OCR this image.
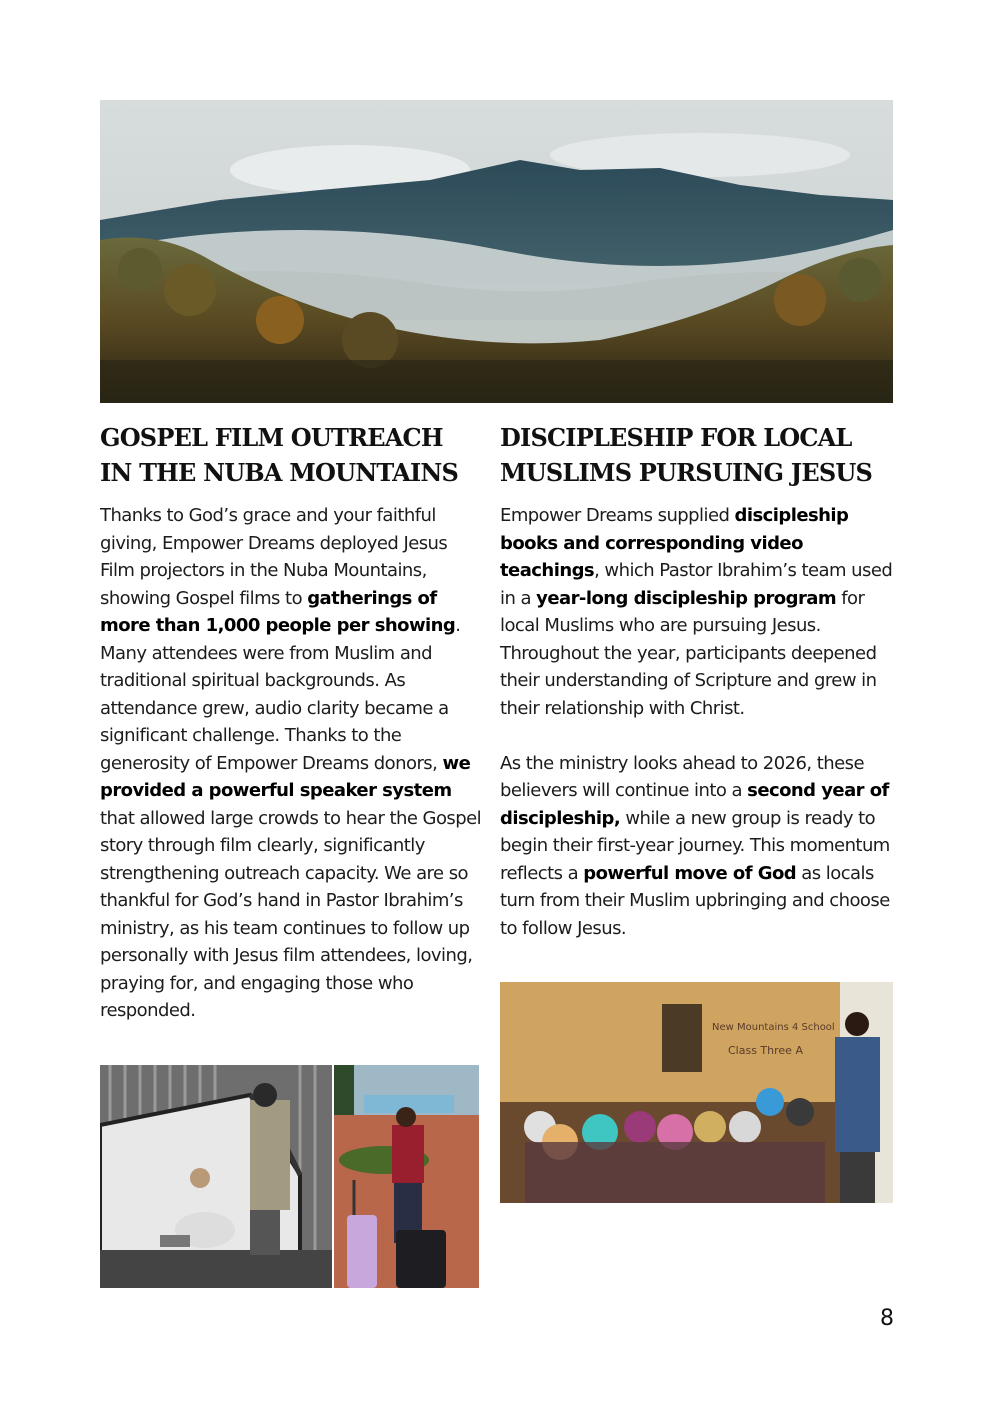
GOSPEL FILM OUTREACH
IN THE NUBA MOUNTAINS

Thanks to God’s grace and your faithful giving, Empower Dreams deployed Jesus Film projectors in the Nuba Mountains, showing Gospel films to gatherings of more than 1,000 people per showing. Many attendees were from Muslim and traditional spiritual backgrounds. As attendance grew, audio clarity became a significant challenge. Thanks to the generosity of Empower Dreams donors, we provided a powerful speaker system that allowed large crowds to hear the Gospel story through film clearly, significantly strengthening outreach capacity. We are so thankful for God’s hand in Pastor Ibrahim’s ministry, as his team continues to follow up personally with Jesus film attendees, loving, praying for, and engaging those who responded.

DISCIPLESHIP FOR LOCAL
MUSLIMS PURSUING JESUS

Empower Dreams supplied discipleship books and corresponding video teachings, which Pastor Ibrahim’s team used in a year-long discipleship program for local Muslims who are pursuing Jesus. Throughout the year, participants deepened their understanding of Scripture and grew in their relationship with Christ.

As the ministry looks ahead to 2026, these believers will continue into a second year of discipleship, while a new group is ready to begin their first-year journey. This momentum reflects a powerful move of God as locals turn from their Muslim upbringing and choose to follow Jesus.

New Mountains 4 School
Class Three A
8
